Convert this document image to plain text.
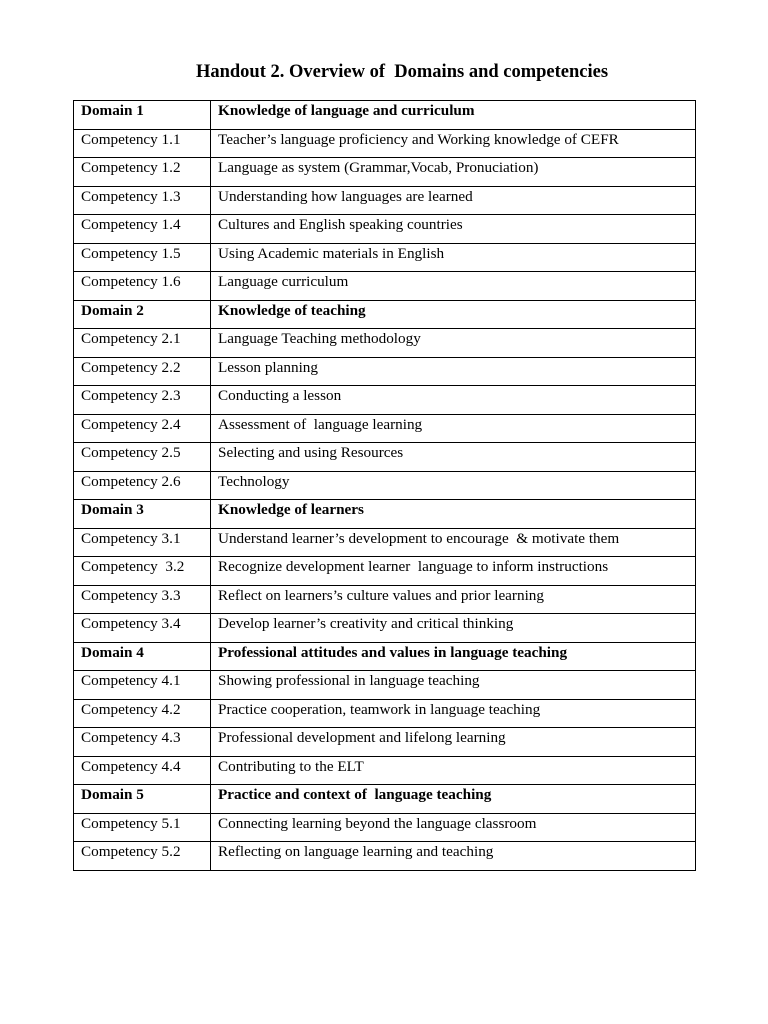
Handout 2. Overview of  Domains and competencies
Domain 1	Knowledge of language and curriculum
Competency 1.1	Teacher’s language proficiency and Working knowledge of CEFR
Competency 1.2	Language as system (Grammar,Vocab, Pronuciation)
Competency 1.3	Understanding how languages are learned
Competency 1.4	Cultures and English speaking countries
Competency 1.5	Using Academic materials in English
Competency 1.6	Language curriculum
Domain 2	Knowledge of teaching
Competency 2.1	Language Teaching methodology
Competency 2.2	Lesson planning
Competency 2.3	Conducting a lesson
Competency 2.4	Assessment of  language learning
Competency 2.5	Selecting and using Resources
Competency 2.6	Technology
Domain 3	Knowledge of learners
Competency 3.1	Understand learner’s development to encourage  & motivate them
Competency  3.2	Recognize development learner  language to inform instructions
Competency 3.3	Reflect on learners’s culture values and prior learning
Competency 3.4	Develop learner’s creativity and critical thinking
Domain 4	Professional attitudes and values in language teaching
Competency 4.1	Showing professional in language teaching
Competency 4.2	Practice cooperation, teamwork in language teaching
Competency 4.3	Professional development and lifelong learning
Competency 4.4	Contributing to the ELT
Domain 5	Practice and context of  language teaching
Competency 5.1	Connecting learning beyond the language classroom
Competency 5.2	Reflecting on language learning and teaching
